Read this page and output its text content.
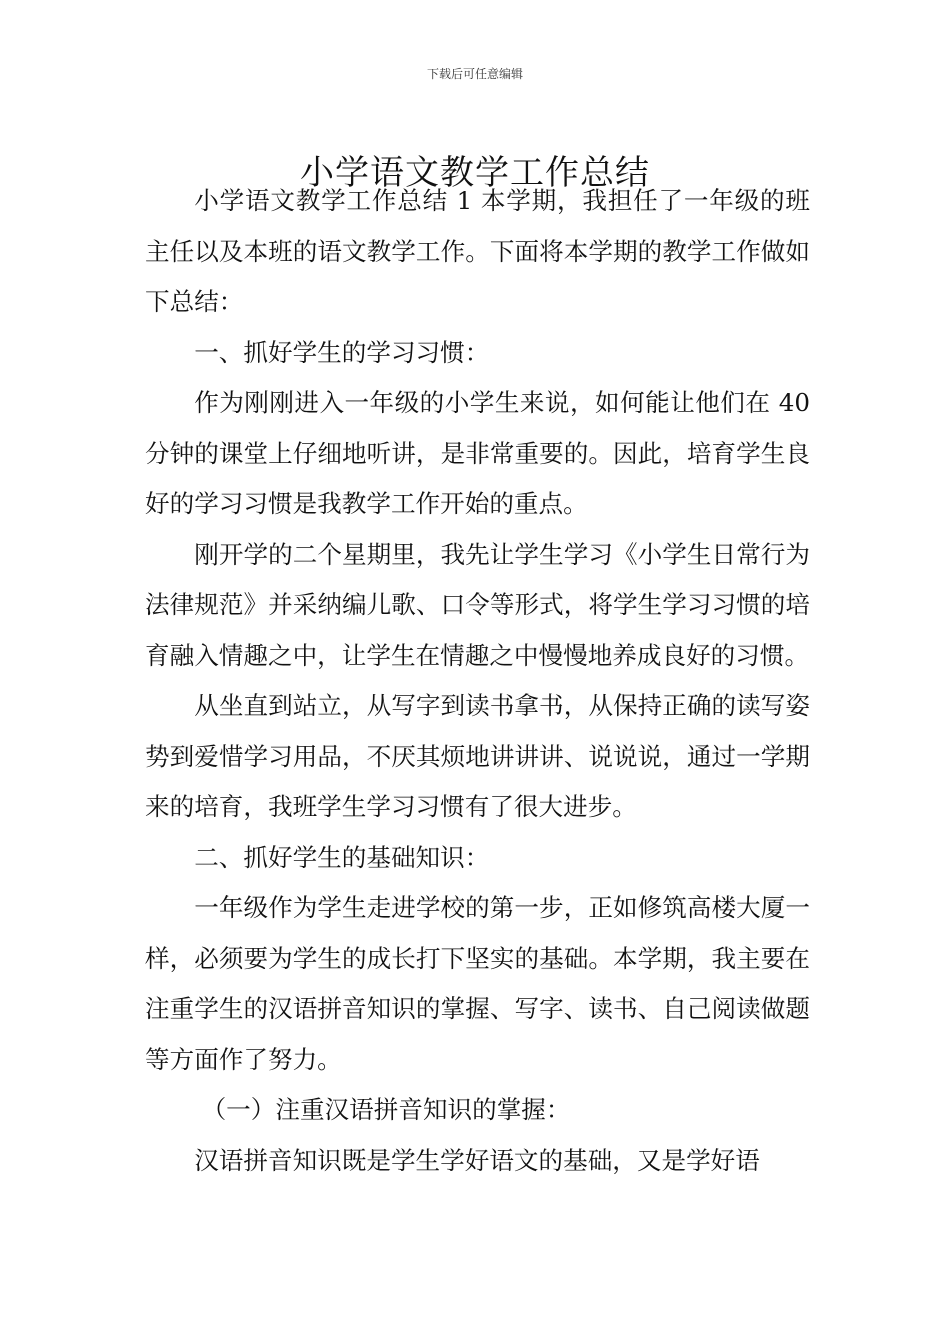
下载后可任意编辑
小学语文教学工作总结

小学语文教学工作总结 1 本学期，我担任了一年级的班主任以及本班的语文教学工作。下面将本学期的教学工作做如下总结：

一、抓好学生的学习习惯：

作为刚刚进入一年级的小学生来说，如何能让他们在 40 分钟的课堂上仔细地听讲，是非常重要的。因此，培育学生良好的学习习惯是我教学工作开始的重点。

刚开学的二个星期里，我先让学生学习《小学生日常行为法律规范》并采纳编儿歌、口令等形式，将学生学习习惯的培育融入情趣之中，让学生在情趣之中慢慢地养成良好的习惯。

从坐直到站立，从写字到读书拿书，从保持正确的读写姿势到爱惜学习用品，不厌其烦地讲讲讲、说说说，通过一学期来的培育，我班学生学习习惯有了很大进步。

二、抓好学生的基础知识：

一年级作为学生走进学校的第一步，正如修筑高楼大厦一样，必须要为学生的成长打下坚实的基础。本学期，我主要在注重学生的汉语拼音知识的掌握、写字、读书、自己阅读做题等方面作了努力。

（一）注重汉语拼音知识的掌握：

汉语拼音知识既是学生学好语文的基础，又是学好语
